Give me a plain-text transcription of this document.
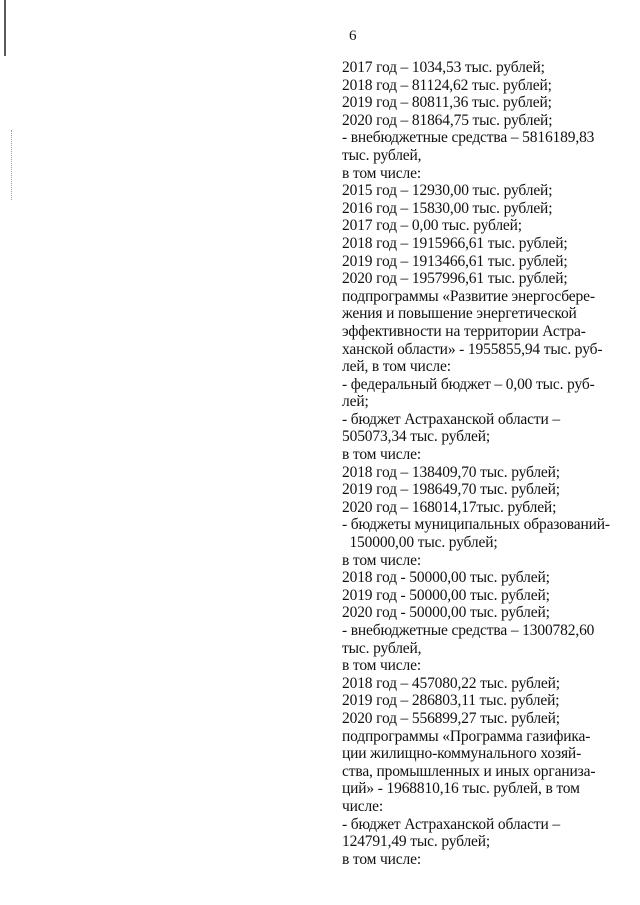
6
2017 год – 1034,53 тыс. рублей;
2018 год – 81124,62 тыс. рублей;
2019 год – 80811,36 тыс. рублей;
2020 год – 81864,75 тыс. рублей;
- внебюджетные средства – 5816189,83
тыс. рублей,
в том числе:
2015 год – 12930,00 тыс. рублей;
2016 год – 15830,00 тыс. рублей;
2017 год – 0,00 тыс. рублей;
2018 год – 1915966,61 тыс. рублей;
2019 год – 1913466,61 тыс. рублей;
2020 год – 1957996,61 тыс. рублей;
подпрограммы «Развитие энергосбере-
жения и повышение энергетической
эффективности на территории Астра-
ханской области» - 1955855,94 тыс. руб-
лей, в том числе:
- федеральный бюджет – 0,00 тыс. руб-
лей;
- бюджет Астраханской области –
505073,34 тыс. рублей;
в том числе:
2018 год – 138409,70 тыс. рублей;
2019 год – 198649,70 тыс. рублей;
2020 год – 168014,17тыс. рублей;
- бюджеты муниципальных образований-
150000,00 тыс. рублей;
в том числе:
2018 год - 50000,00 тыс. рублей;
2019 год - 50000,00 тыс. рублей;
2020 год - 50000,00 тыс. рублей;
- внебюджетные средства – 1300782,60
тыс. рублей,
в том числе:
2018 год – 457080,22 тыс. рублей;
2019 год – 286803,11 тыс. рублей;
2020 год – 556899,27 тыс. рублей;
подпрограммы «Программа газифика-
ции жилищно-коммунального хозяй-
ства, промышленных и иных организа-
ций» - 1968810,16 тыс. рублей, в том
числе:
- бюджет Астраханской области –
124791,49 тыс. рублей;
в том числе:
